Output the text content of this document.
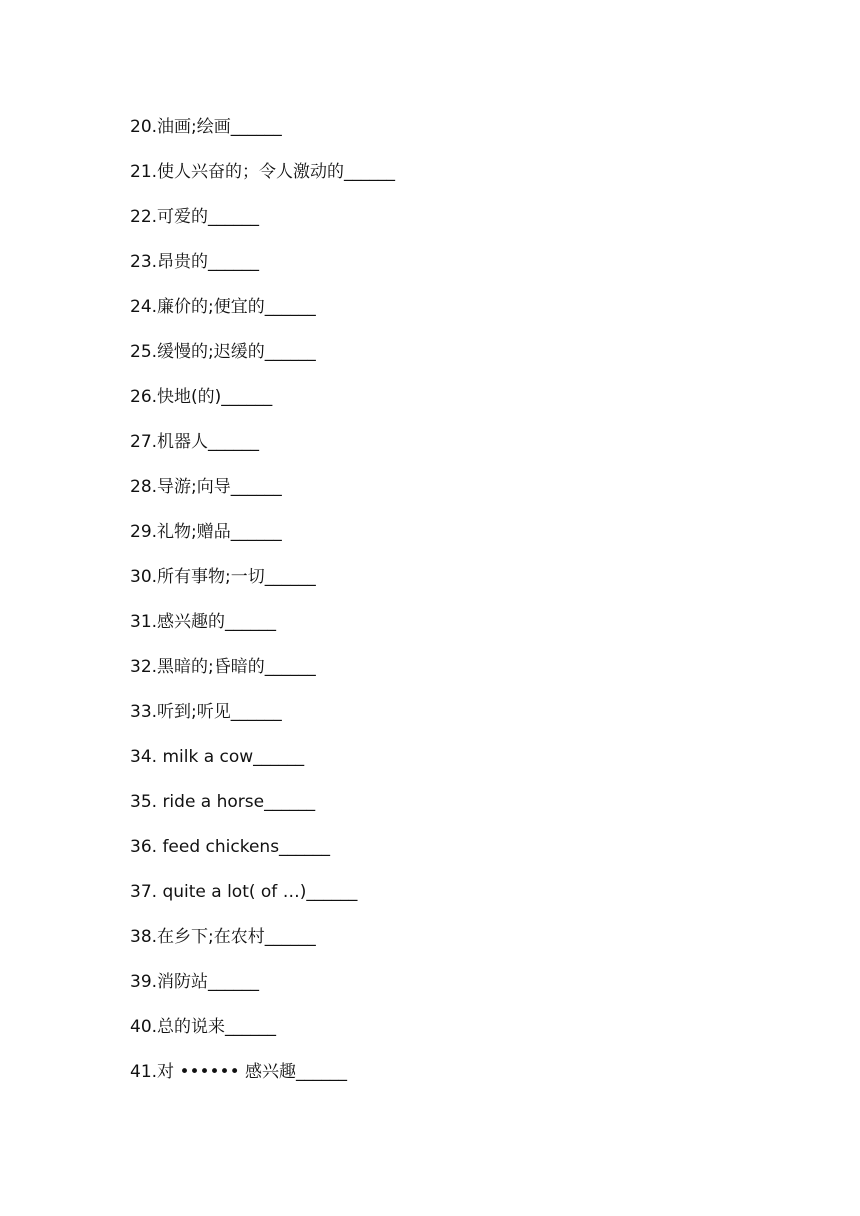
20.油画;绘画______
21.使人兴奋的；令人激动的______
22.可爱的______
23.昂贵的______
24.廉价的;便宜的______
25.缓慢的;迟缓的______
26.快地(的)______
27.机器人______
28.导游;向导______
29.礼物;赠品______
30.所有事物;一切______
31.感兴趣的______
32.黑暗的;昏暗的______
33.听到;听见______
34. milk a cow______
35. ride a horse______
36. feed chickens______
37. quite a lot( of …)______
38.在乡下;在农村______
39.消防站______
40.总的说来______
41.对 •••••• 感兴趣______
